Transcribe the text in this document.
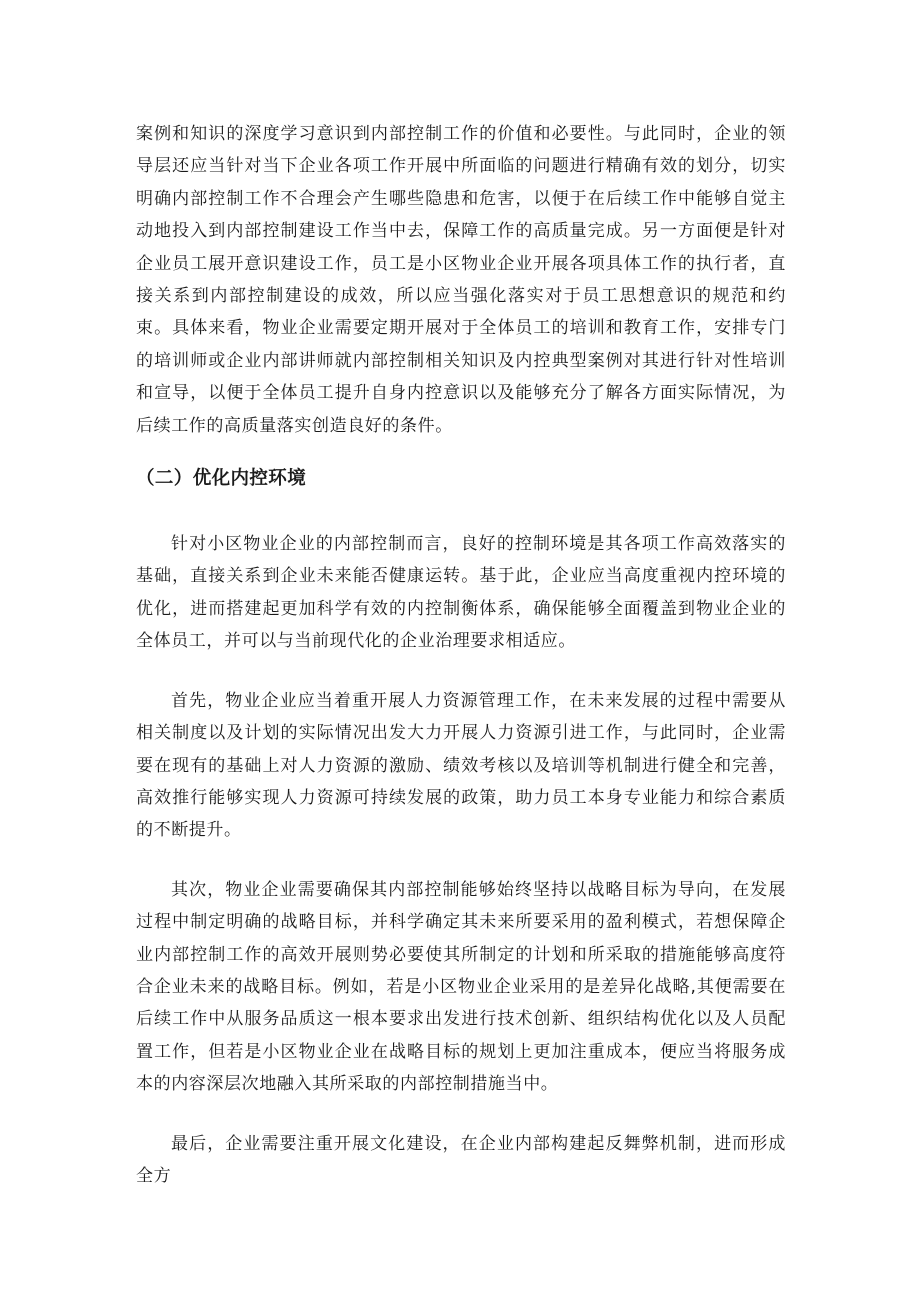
案例和知识的深度学习意识到内部控制工作的价值和必要性。与此同时，企业的领导层还应当针对当下企业各项工作开展中所面临的问题进行精确有效的划分，切实明确内部控制工作不合理会产生哪些隐患和危害，以便于在后续工作中能够自觉主动地投入到内部控制建设工作当中去，保障工作的高质量完成。另一方面便是针对企业员工展开意识建设工作，员工是小区物业企业开展各项具体工作的执行者，直接关系到内部控制建设的成效，所以应当强化落实对于员工思想意识的规范和约束。具体来看，物业企业需要定期开展对于全体员工的培训和教育工作，安排专门的培训师或企业内部讲师就内部控制相关知识及内控典型案例对其进行针对性培训和宣导，以便于全体员工提升自身内控意识以及能够充分了解各方面实际情况，为后续工作的高质量落实创造良好的条件。

（二）优化内控环境

针对小区物业企业的内部控制而言，良好的控制环境是其各项工作高效落实的基础，直接关系到企业未来能否健康运转。基于此，企业应当高度重视内控环境的优化，进而搭建起更加科学有效的内控制衡体系，确保能够全面覆盖到物业企业的全体员工，并可以与当前现代化的企业治理要求相适应。

首先，物业企业应当着重开展人力资源管理工作，在未来发展的过程中需要从相关制度以及计划的实际情况出发大力开展人力资源引进工作，与此同时，企业需要在现有的基础上对人力资源的激励、绩效考核以及培训等机制进行健全和完善，高效推行能够实现人力资源可持续发展的政策，助力员工本身专业能力和综合素质的不断提升。

其次，物业企业需要确保其内部控制能够始终坚持以战略目标为导向，在发展过程中制定明确的战略目标，并科学确定其未来所要采用的盈利模式，若想保障企业内部控制工作的高效开展则势必要使其所制定的计划和所采取的措施能够高度符合企业未来的战略目标。例如，若是小区物业企业采用的是差异化战略,其便需要在后续工作中从服务品质这一根本要求出发进行技术创新、组织结构优化以及人员配置工作，但若是小区物业企业在战略目标的规划上更加注重成本，便应当将服务成本的内容深层次地融入其所采取的内部控制措施当中。

最后，企业需要注重开展文化建设，在企业内部构建起反舞弊机制，进而形成全方
